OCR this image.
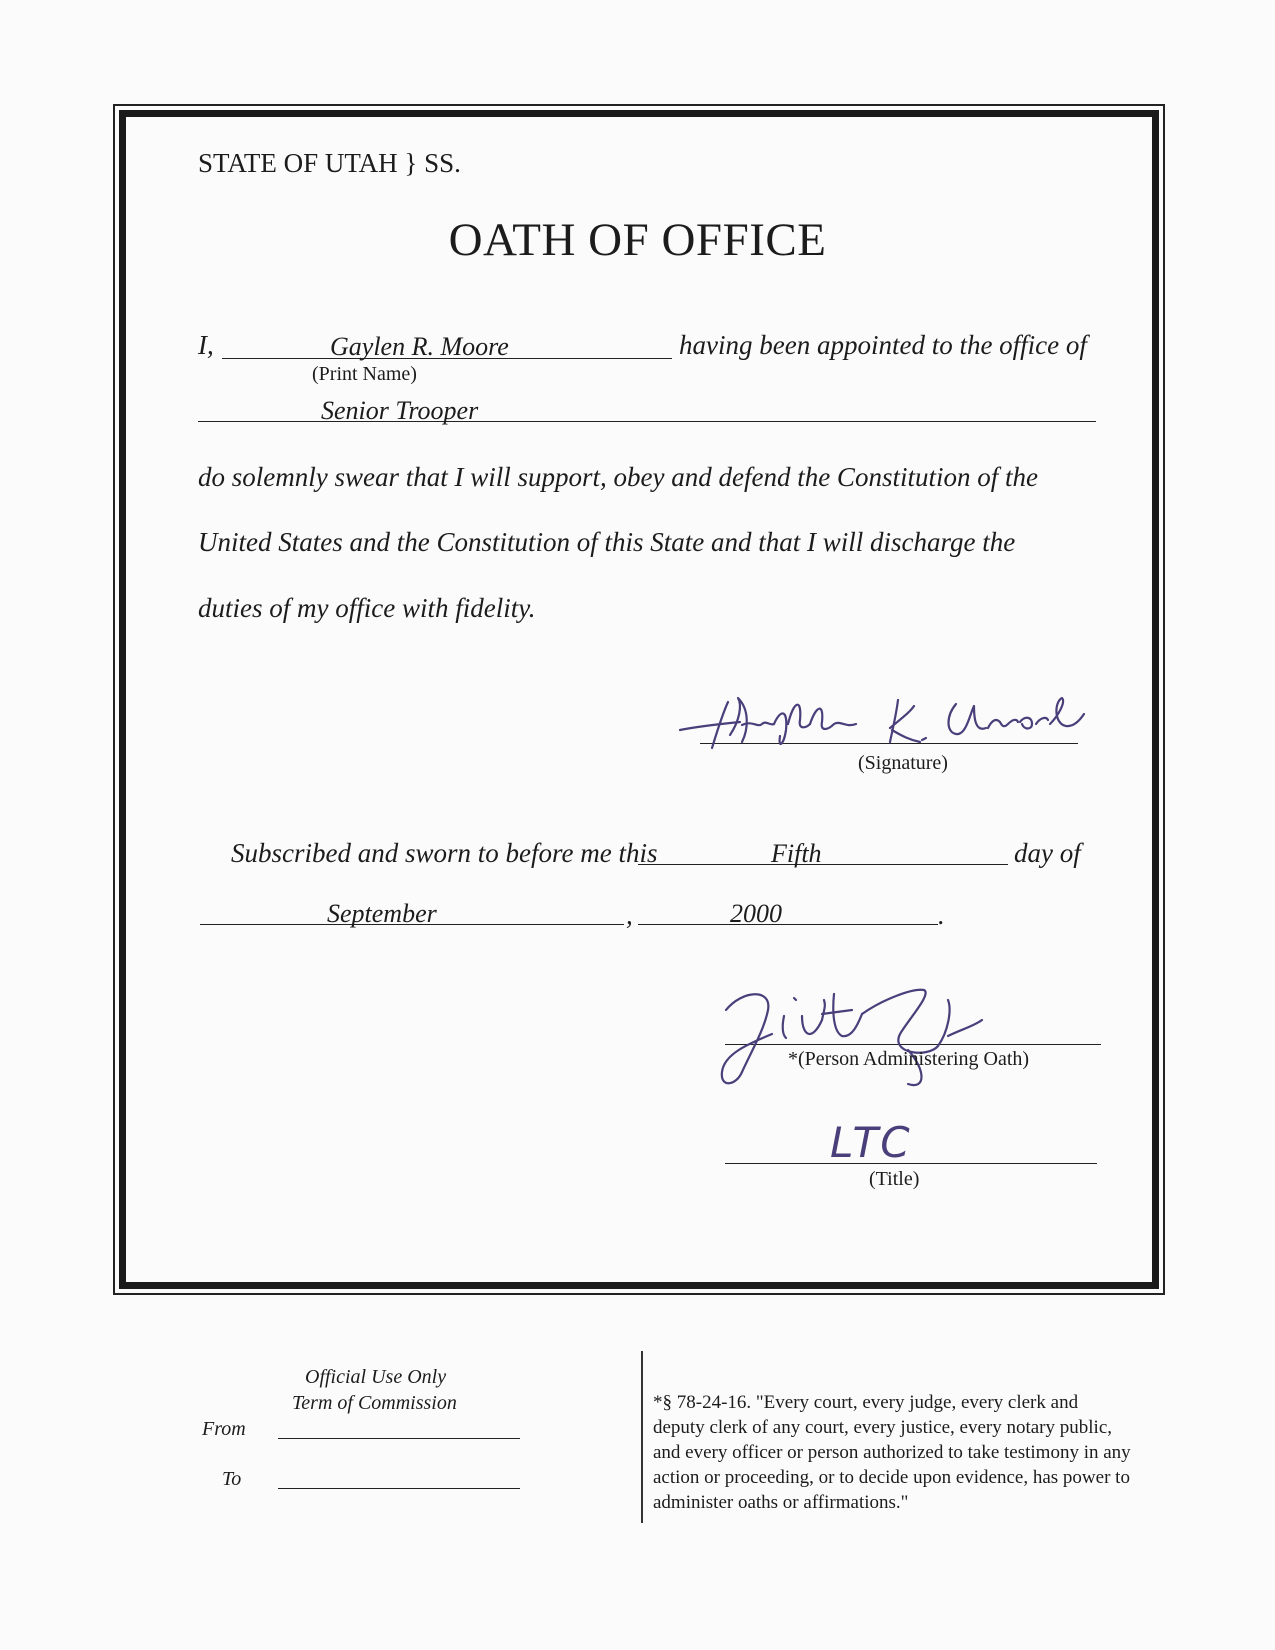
STATE OF UTAH } SS.
OATH OF OFFICE
I,	Gaylen R. Moore
(Print Name)
having been appointed to the office of
Senior Trooper
do solemnly swear that I will support, obey and defend the Constitution of the
United States and the Constitution of this State and that I will discharge the
duties of my office with fidelity.
(Signature)
Subscribed and sworn to before me this	Fifth	day of
September	,	2000	.
*(Person Administering Oath)
LTC
(Title)
Official Use Only
Term of Commission
From
To
*§ 78-24-16. "Every court, every judge, every clerk and deputy clerk of any court, every justice, every notary public, and every officer or person authorized to take testimony in any action or proceeding, or to decide upon evidence, has power to administer oaths or affirmations."
